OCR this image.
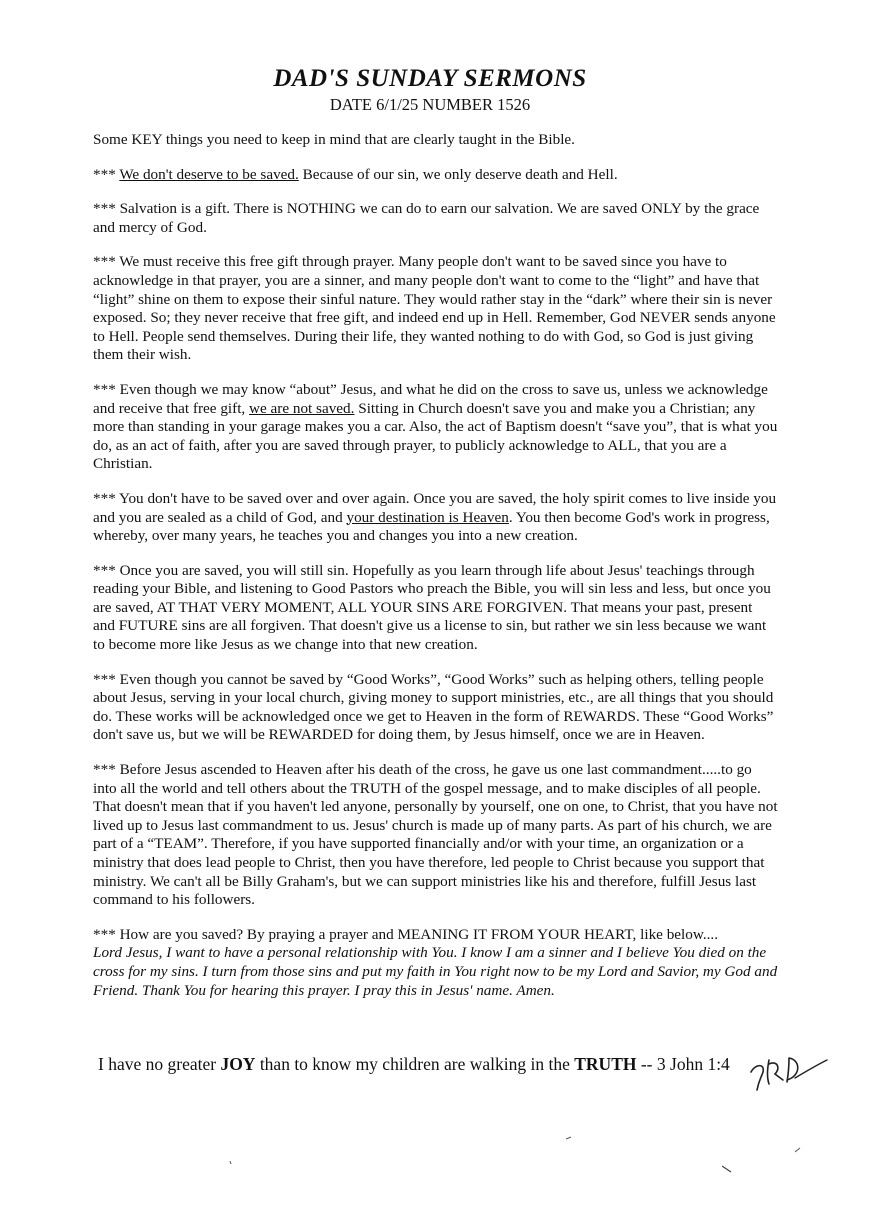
DAD'S SUNDAY SERMONS
DATE 6/1/25 NUMBER 1526

Some KEY things you need to keep in mind that are clearly taught in the Bible.

*** We don't deserve to be saved. Because of our sin, we only deserve death and Hell.

*** Salvation is a gift. There is NOTHING we can do to earn our salvation. We are saved ONLY by the grace and mercy of God.

*** We must receive this free gift through prayer. Many people don't want to be saved since you have to acknowledge in that prayer, you are a sinner, and many people don't want to come to the “light” and have that “light” shine on them to expose their sinful nature. They would rather stay in the “dark” where their sin is never exposed. So; they never receive that free gift, and indeed end up in Hell. Remember, God NEVER sends anyone to Hell. People send themselves. During their life, they wanted nothing to do with God, so God is just giving them their wish.

*** Even though we may know “about” Jesus, and what he did on the cross to save us, unless we acknowledge and receive that free gift, we are not saved. Sitting in Church doesn't save you and make you a Christian; any more than standing in your garage makes you a car. Also, the act of Baptism doesn't “save you”, that is what you do, as an act of faith, after you are saved through prayer, to publicly acknowledge to ALL, that you are a Christian.

*** You don't have to be saved over and over again. Once you are saved, the holy spirit comes to live inside you and you are sealed as a child of God, and your destination is Heaven. You then become God's work in progress, whereby, over many years, he teaches you and changes you into a new creation.

*** Once you are saved, you will still sin. Hopefully as you learn through life about Jesus' teachings through reading your Bible, and listening to Good Pastors who preach the Bible, you will sin less and less, but once you are saved, AT THAT VERY MOMENT, ALL YOUR SINS ARE FORGIVEN. That means your past, present and FUTURE sins are all forgiven. That doesn't give us a license to sin, but rather we sin less because we want to become more like Jesus as we change into that new creation.

*** Even though you cannot be saved by “Good Works”, “Good Works” such as helping others, telling people about Jesus, serving in your local church, giving money to support ministries, etc., are all things that you should do. These works will be acknowledged once we get to Heaven in the form of REWARDS. These “Good Works” don't save us, but we will be REWARDED for doing them, by Jesus himself, once we are in Heaven.

*** Before Jesus ascended to Heaven after his death of the cross, he gave us one last commandment.....to go into all the world and tell others about the TRUTH of the gospel message, and to make disciples of all people. That doesn't mean that if you haven't led anyone, personally by yourself, one on one, to Christ, that you have not lived up to Jesus last commandment to us. Jesus' church is made up of many parts. As part of his church, we are part of a “TEAM”. Therefore, if you have supported financially and/or with your time, an organization or a ministry that does lead people to Christ, then you have therefore, led people to Christ because you support that ministry. We can't all be Billy Graham's, but we can support ministries like his and therefore, fulfill Jesus last command to his followers.

*** How are you saved? By praying a prayer and MEANING IT FROM YOUR HEART, like below....
Lord Jesus, I want to have a personal relationship with You. I know I am a sinner and I believe You died on the cross for my sins. I turn from those sins and put my faith in You right now to be my Lord and Savior, my God and Friend. Thank You for hearing this prayer. I pray this in Jesus' name. Amen.

I have no greater JOY than to know my children are walking in the TRUTH -- 3 John 1:4
